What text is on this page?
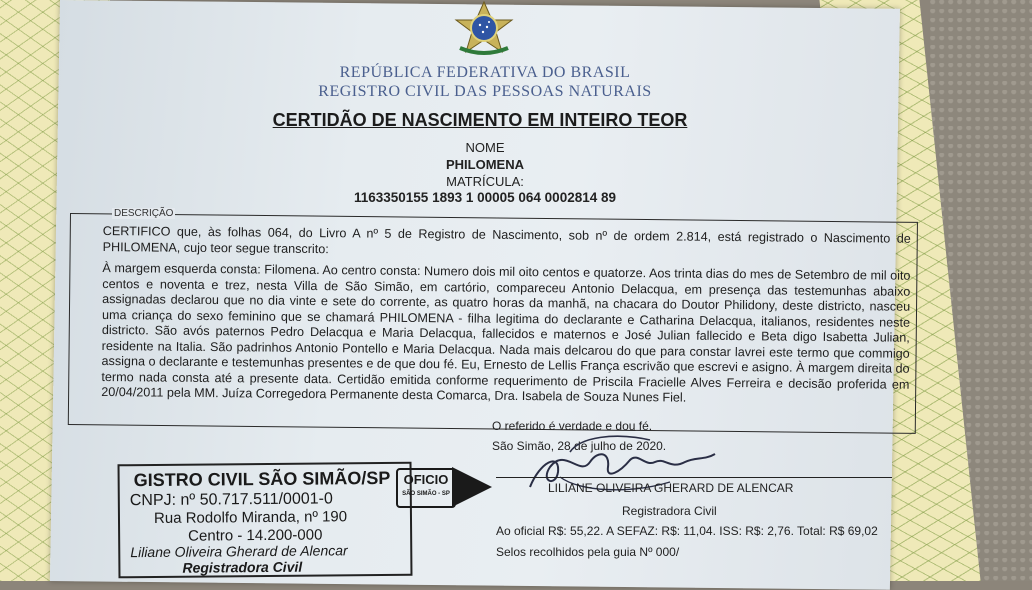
REPÚBLICA FEDERATIVA DO BRASIL
REGISTRO CIVIL DAS PESSOAS NATURAIS
CERTIDÃO DE NASCIMENTO EM INTEIRO TEOR
NOME
PHILOMENA
MATRÍCULA:
1163350155 1893 1 00005 064 0002814 89
DESCRIÇÃO

CERTIFICO que, às folhas 064, do Livro A nº 5 de Registro de Nascimento, sob nº de ordem 2.814, está registrado o Nascimento de PHILOMENA, cujo teor segue transcrito:

À margem esquerda consta: Filomena. Ao centro consta: Numero dois mil oito centos e quatorze. Aos trinta dias do mes de Setembro de mil oito centos e noventa e trez, nesta Villa de São Simão, em cartório, compareceu Antonio Delacqua, em presença das testemunhas abaixo assignadas declarou que no dia vinte e sete do corrente, as quatro horas da manhã, na chacara do Doutor Philidony, deste districto, nasceu uma criança do sexo feminino que se chamará PHILOMENA - filha legitima do declarante e Catharina Delacqua, italianos, residentes neste districto. São avós paternos Pedro Delacqua e Maria Delacqua, fallecidos e maternos e José Julian fallecido e Beta digo Isabetta Julian, residente na Italia. São padrinhos Antonio Pontello e Maria Delacqua. Nada mais delcarou do que para constar lavrei este termo que commigo assigna o declarante e testemunhas presentes e de que dou fé. Eu, Ernesto de Lellis França escrivão que escrevi e asigno. À margem direita do termo nada consta até a presente data. Certidão emitida conforme requerimento de Priscila Fracielle Alves Ferreira e decisão proferida em 20/04/2011 pela MM. Juíza Corregedora Permanente desta Comarca, Dra. Isabela de Souza Nunes Fiel.

O referido é verdade e dou fé.
São Simão, 28 de julho de 2020.
LILIANE OLIVEIRA GHERARD DE ALENCAR
Registradora Civil
Ao oficial R$: 55,22. A SEFAZ: R$: 11,04. ISS: R$: 2,76. Total: R$ 69,02
Selos recolhidos pela guia Nº 000/
GISTRO CIVIL SÃO SIMÃO/SP
CNPJ: nº 50.717.511/0001-0
Rua Rodolfo Miranda, nº 190
Centro - 14.200-000
Liliane Oliveira Gherard de Alencar
Registradora Civil
OFICIO
SÃO SIMÃO - SP
